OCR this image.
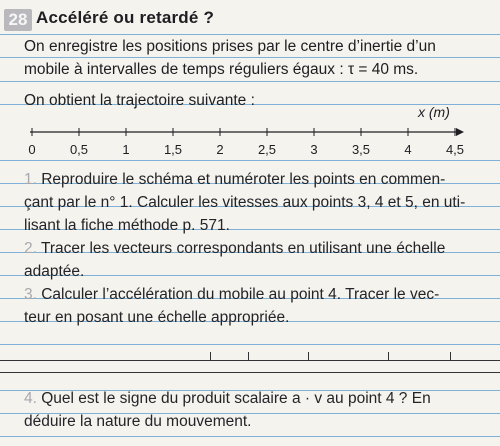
28 Accéléré ou retardé ?
On enregistre les positions prises par le centre d’inertie d’un
mobile à intervalles de temps réguliers égaux : τ = 40 ms.
On obtient la trajectoire suivante :
x (m)
0	0,5	1	1,5	2	2,5	3	3,5	4	4,5
1. Reproduire le schéma et numéroter les points en commen-
çant par le n° 1. Calculer les vitesses aux points 3, 4 et 5, en uti-
lisant la fiche méthode p. 571.
2. Tracer les vecteurs correspondants en utilisant une échelle
adaptée.
3. Calculer l’accélération du mobile au point 4. Tracer le vec-
teur en posant une échelle appropriée.
4. Quel est le signe du produit scalaire a · v au point 4 ? En
déduire la nature du mouvement.
